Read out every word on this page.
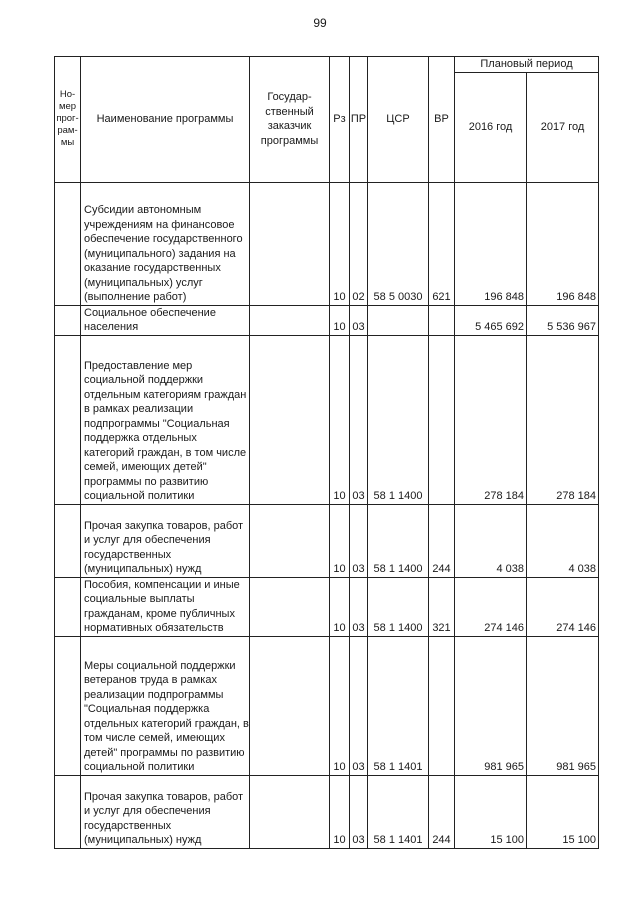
99
Но-мер прог-рам-мы	Наименование программы	Государ-ственный заказчик программы	Рз	ПР	ЦСР	ВР	Плановый период	
							2016 год	2017 год
	Субсидии автономным учреждениям на финансовое обеспечение государственного (муниципального) задания на оказание государственных (муниципальных) услуг (выполнение работ)		10	02	58 5 0030	621	196 848	196 848
	Социальное обеспечение населения		10	03			5 465 692	5 536 967
	Предоставление мер социальной поддержки отдельным категориям граждан в рамках реализации подпрограммы "Социальная поддержка отдельных категорий граждан, в том числе семей, имеющих детей" программы по развитию социальной политики		10	03	58 1 1400		278 184	278 184
	Прочая закупка товаров, работ и услуг для обеспечения государственных (муниципальных) нужд		10	03	58 1 1400	244	4 038	4 038
	Пособия, компенсации и иные социальные выплаты гражданам, кроме публичных нормативных обязательств		10	03	58 1 1400	321	274 146	274 146
	Меры социальной поддержки ветеранов труда в рамках реализации подпрограммы "Социальная поддержка отдельных категорий граждан, в том числе семей, имеющих детей" программы по развитию социальной политики		10	03	58 1 1401		981 965	981 965
	Прочая закупка товаров, работ и услуг для обеспечения государственных (муниципальных) нужд		10	03	58 1 1401	244	15 100	15 100
